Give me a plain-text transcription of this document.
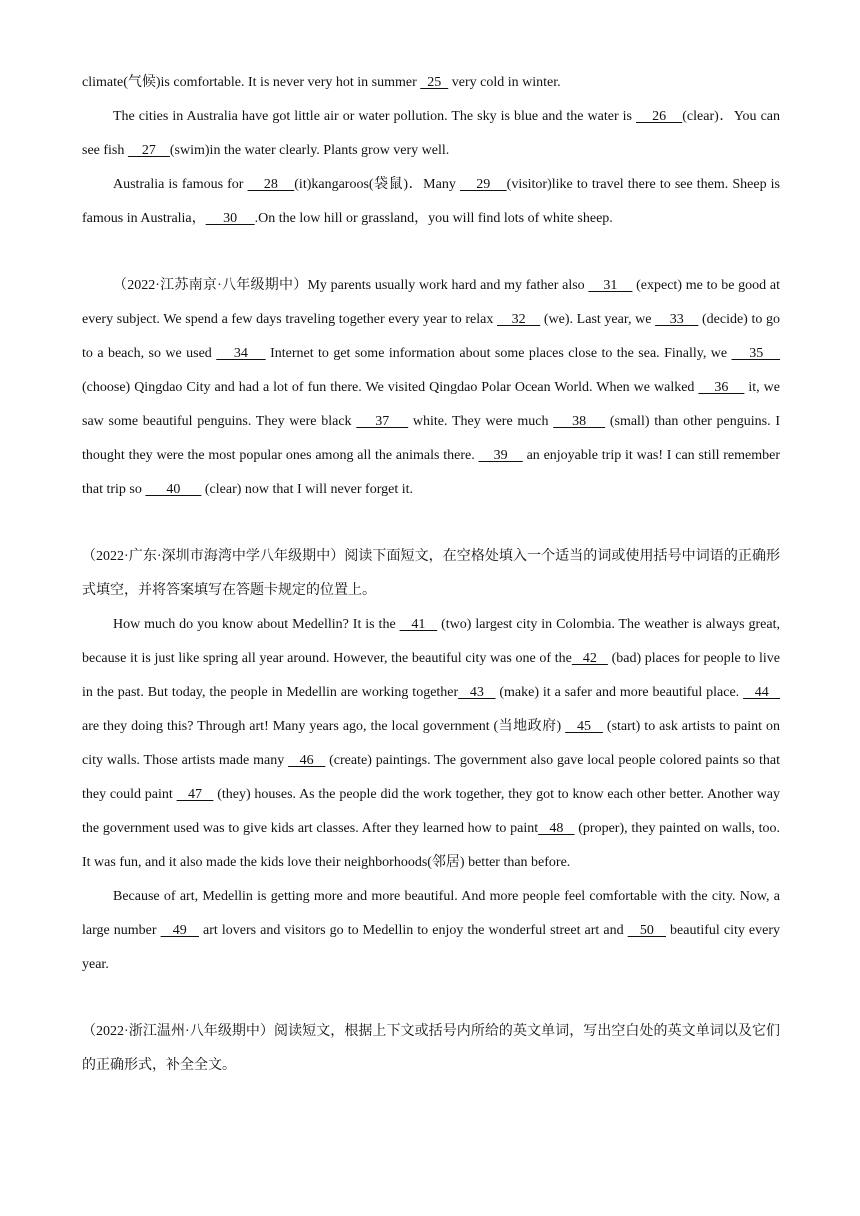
climate(气候)is comfortable. It is never very hot in summer   25   very cold in winter.

The cities in Australia have got little air or water pollution. The sky is blue and the water is     26    (clear)．You can see fish     27    (swim)in the water clearly. Plants grow very well.

Australia is famous for     28    (it)kangaroos(袋鼠)．Many     29    (visitor)like to travel there to see them. Sheep is famous in Australia，     30     .On the low hill or grassland，you will find lots of white sheep.

（2022·江苏南京·八年级期中）My parents usually work hard and my father also     31     (expect) me to be good at every subject. We spend a few days traveling together every year to relax     32     (we). Last year, we     33     (decide) to go to a beach, so we used     34     Internet to get some information about some places close to the sea. Finally, we     35     (choose) Qingdao City and had a lot of fun there. We visited Qingdao Polar Ocean World. When we walked     36     it, we saw some beautiful penguins. They were black     37     white. They were much     38     (small) than other penguins. I thought they were the most popular ones among all the animals there.     39     an enjoyable trip it was! I can still remember that trip so       40       (clear) now that I will never forget it.

（2022·广东·深圳市海湾中学八年级期中）阅读下面短文，在空格处填入一个适当的词或使用括号中词语的正确形式填空，并将答案填写在答题卡规定的位置上。

How much do you know about Medellin? It is the    41    (two) largest city in Colombia. The weather is always great, because it is just like spring all year around. However, the beautiful city was one of the   42    (bad) places for people to live in the past. But today, the people in Medellin are working together   43    (make) it a safer and more beautiful place.    44    are they doing this? Through art! Many years ago, the local government (当地政府)    45    (start) to ask artists to paint on city walls. Those artists made many    46    (create) paintings. The government also gave local people colored paints so that they could paint    47    (they) houses. As the people did the work together, they got to know each other better. Another way the government used was to give kids art classes. After they learned how to paint   48    (proper), they painted on walls, too. It was fun, and it also made the kids love their neighborhoods(邻居) better than before.

Because of art, Medellin is getting more and more beautiful. And more people feel comfortable with the city. Now, a large number    49    art lovers and visitors go to Medellin to enjoy the wonderful street art and    50    beautiful city every year.

（2022·浙江温州·八年级期中）阅读短文，根据上下文或括号内所给的英文单词，写出空白处的英文单词以及它们的正确形式，补全全文。
